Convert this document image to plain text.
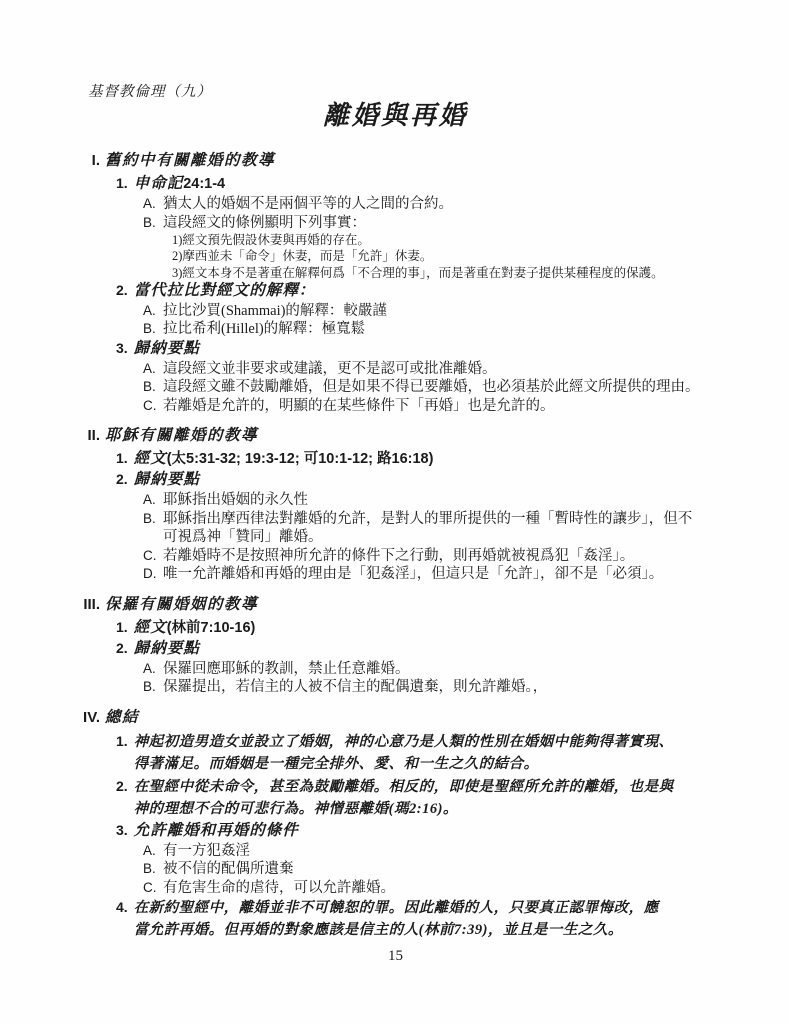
基督教倫理（九）
離婚與再婚
I. 舊約中有關離婚的教導
1. 申命記24:1-4
A. 猶太人的婚姻不是兩個平等的人之間的合約。
B. 這段經文的條例顯明下列事實：
1)經文預先假設休妻與再婚的存在。
2)摩西並未「命令」休妻，而是「允許」休妻。
3)經文本身不是著重在解釋何爲「不合理的事」，而是著重在對妻子提供某種程度的保護。
2. 當代拉比對經文的解釋：
A. 拉比沙買(Shammai)的解釋：較嚴謹
B. 拉比希利(Hillel)的解釋：極寬鬆
3. 歸納要點
A. 這段經文並非要求或建議，更不是認可或批准離婚。
B. 這段經文雖不鼓勵離婚，但是如果不得已要離婚，也必須基於此經文所提供的理由。
C. 若離婚是允許的，明顯的在某些條件下「再婚」也是允許的。
II. 耶穌有關離婚的教導
1. 經文(太5:31-32; 19:3-12; 可10:1-12; 路16:18)
2. 歸納要點
A. 耶穌指出婚姻的永久性
B. 耶穌指出摩西律法對離婚的允許，是對人的罪所提供的一種「暫時性的讓步」，但不
可視爲神「贊同」離婚。
C. 若離婚時不是按照神所允許的條件下之行動，則再婚就被視爲犯「姦淫」。
D. 唯一允許離婚和再婚的理由是「犯姦淫」，但這只是「允許」，卻不是「必須」。
III. 保羅有關婚姻的教導
1. 經文(林前7:10-16)
2. 歸納要點
A. 保羅回應耶穌的教訓，禁止任意離婚。
B. 保羅提出，若信主的人被不信主的配偶遺棄，則允許離婚。，
IV. 總結
1. 神起初造男造女並設立了婚姻，神的心意乃是人類的性別在婚姻中能夠得著實現、
得著滿足。而婚姻是一種完全排外、愛、和一生之久的結合。
2. 在聖經中從未命令，甚至為鼓勵離婚。相反的，即使是聖經所允許的離婚，也是與
神的理想不合的可悲行為。神憎惡離婚(瑪2:16)。
3. 允許離婚和再婚的條件
A. 有一方犯姦淫
B. 被不信的配偶所遺棄
C. 有危害生命的虐待，可以允許離婚。
4. 在新約聖經中，離婚並非不可饒恕的罪。因此離婚的人，只要真正認罪悔改，應
當允許再婚。但再婚的對象應該是信主的人(林前7:39)，並且是一生之久。
15
